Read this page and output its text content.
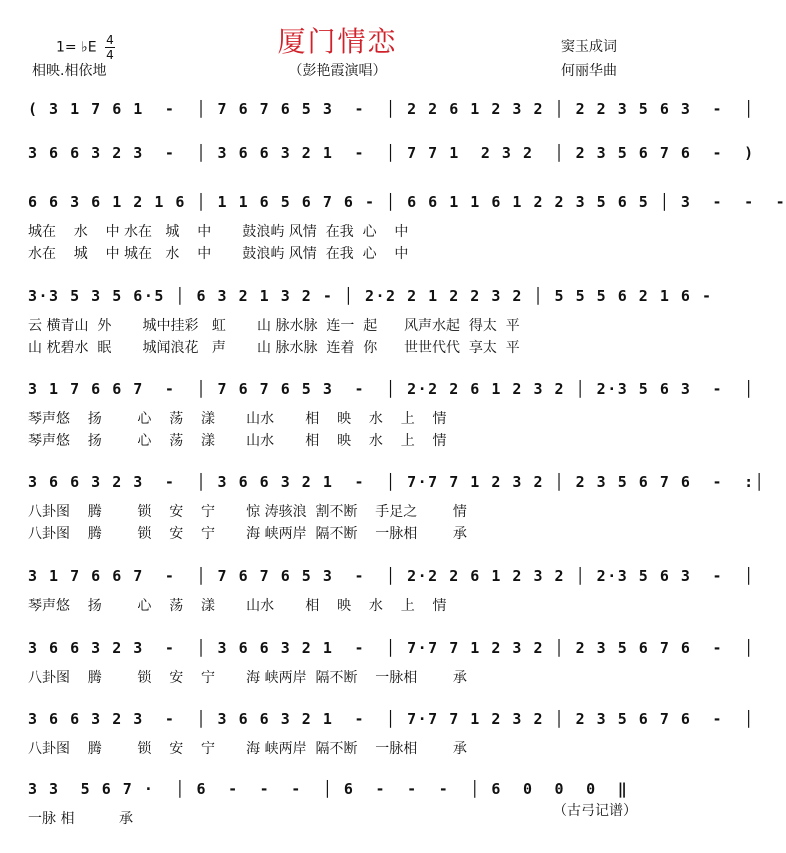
厦门情恋
（彭艳霞演唱）
1= ♭E $\frac{4}{4}$
相映.相依地
窦玉成词
何丽华曲
( 3 1 7 6 1  -  │ 7 6 7 6 5 3  -  │ 2 2 6 1 2 3 2 │ 2 2 3 5 6 3  -  │
3 6 6 3 2 3  -  │ 3 6 6 3 2 1  -  │ 7 7 1  2 3 2  │ 2 3 5 6 7 6  -  )
6 6 3 6 1 2 1 6 │ 1 1 6 5 6 7 6 - │ 6 6 1 1 6 1 2 2 3 5 6 5 │ 3  -  -  -
城在    水    中 水在   城    中       鼓浪屿 风情  在我  心    中
水在    城    中 城在   水    中       鼓浪屿 风情  在我  心    中
3·3 5 3 5 6·5 │ 6 3 2 1 3 2 - │ 2·2 2 1 2 2 3 2 │ 5 5 5 6 2 1 6 -
云 横青山  外       城中挂彩   虹       山 脉水脉  连一  起      风声水起  得太  平
山 枕碧水  眠       城闻浪花   声       山 脉水脉  连着  你      世世代代  享太  平
3 1 7 6 6 7  -  │ 7 6 7 6 5 3  -  │ 2·2 2 6 1 2 3 2 │ 2·3 5 6 3  -  │
琴声悠    扬        心    荡    漾       山水       相    映    水    上    情
琴声悠    扬        心    荡    漾       山水       相    映    水    上    情
3 6 6 3 2 3  -  │ 3 6 6 3 2 1  -  │ 7·7 7 1 2 3 2 │ 2 3 5 6 7 6  -  :│
八卦图    腾        锁    安    宁       惊 涛骇浪  割不断    手足之        情
八卦图    腾        锁    安    宁       海 峡两岸  隔不断    一脉相        承
3 1 7 6 6 7  -  │ 7 6 7 6 5 3  -  │ 2·2 2 6 1 2 3 2 │ 2·3 5 6 3  -  │
琴声悠    扬        心    荡    漾       山水       相    映    水    上    情
3 6 6 3 2 3  -  │ 3 6 6 3 2 1  -  │ 7·7 7 1 2 3 2 │ 2 3 5 6 7 6  -  │
八卦图    腾        锁    安    宁       海 峡两岸  隔不断    一脉相        承
3 6 6 3 2 3  -  │ 3 6 6 3 2 1  -  │ 7·7 7 1 2 3 2 │ 2 3 5 6 7 6  -  │
八卦图    腾        锁    安    宁       海 峡两岸  隔不断    一脉相        承
3 3  5 6 7 ·  │ 6  -  -  -  │ 6  -  -  -  │ 6  0  0  0  ‖
一脉 相          承	（古弓记谱）
